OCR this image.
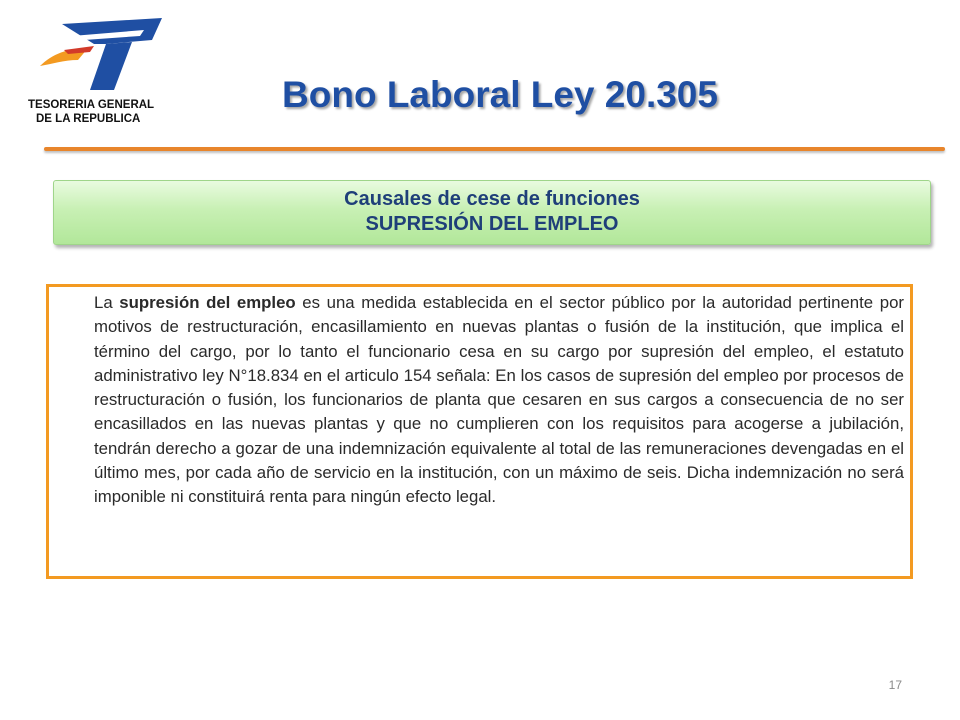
TESORERIA GENERAL
DE LA REPUBLICA
Bono Laboral Ley 20.305
Causales de cese de funciones
SUPRESIÓN DEL EMPLEO
La supresión del empleo es una medida establecida en el sector público por la autoridad pertinente por motivos de restructuración, encasillamiento en nuevas plantas o fusión de la institución, que implica el término del cargo, por lo tanto el funcionario cesa en su cargo por supresión del empleo, el estatuto administrativo ley N°18.834 en el articulo 154 señala: En los casos de supresión del empleo por procesos de restructuración o fusión, los funcionarios de planta que cesaren en sus cargos a consecuencia de no ser encasillados en las nuevas plantas y que no cumplieren con los requisitos para acogerse a jubilación, tendrán derecho a gozar de una indemnización equivalente al total de las remuneraciones devengadas en el último mes, por cada año de servicio en la institución, con un máximo de seis. Dicha indemnización no será imponible ni constituirá renta para ningún efecto legal.
17
